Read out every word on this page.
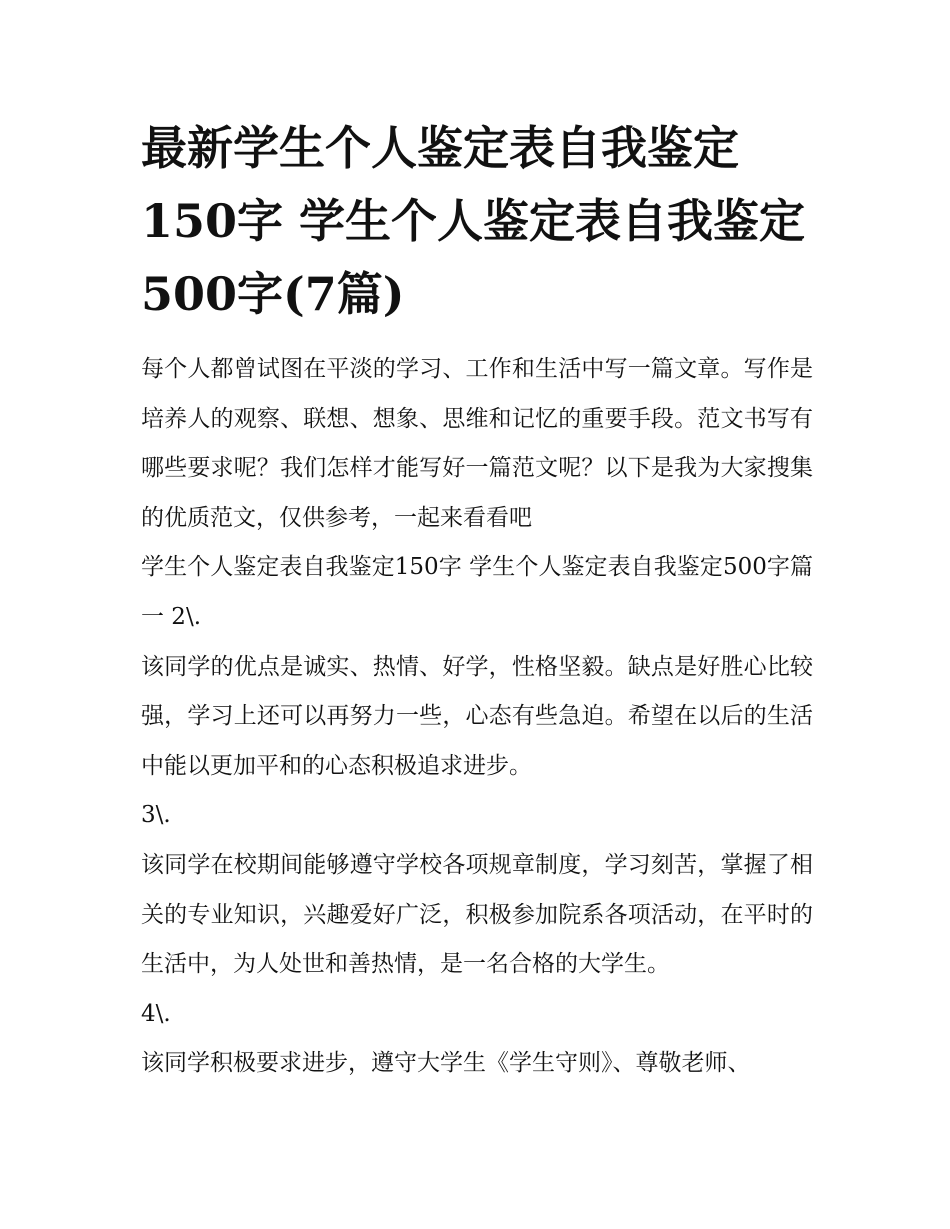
最新学生个人鉴定表自我鉴定150字 学生个人鉴定表自我鉴定500字(7篇)

每个人都曾试图在平淡的学习、工作和生活中写一篇文章。写作是培养人的观察、联想、想象、思维和记忆的重要手段。范文书写有哪些要求呢？我们怎样才能写好一篇范文呢？以下是我为大家搜集的优质范文，仅供参考，一起来看看吧

学生个人鉴定表自我鉴定150字 学生个人鉴定表自我鉴定500字篇一 2\.

该同学的优点是诚实、热情、好学，性格坚毅。缺点是好胜心比较强，学习上还可以再努力一些，心态有些急迫。希望在以后的生活中能以更加平和的心态积极追求进步。

3\.

该同学在校期间能够遵守学校各项规章制度，学习刻苦，掌握了相关的专业知识，兴趣爱好广泛，积极参加院系各项活动，在平时的生活中，为人处世和善热情，是一名合格的大学生。

4\.

该同学积极要求进步，遵守大学生《学生守则》、尊敬老师、
